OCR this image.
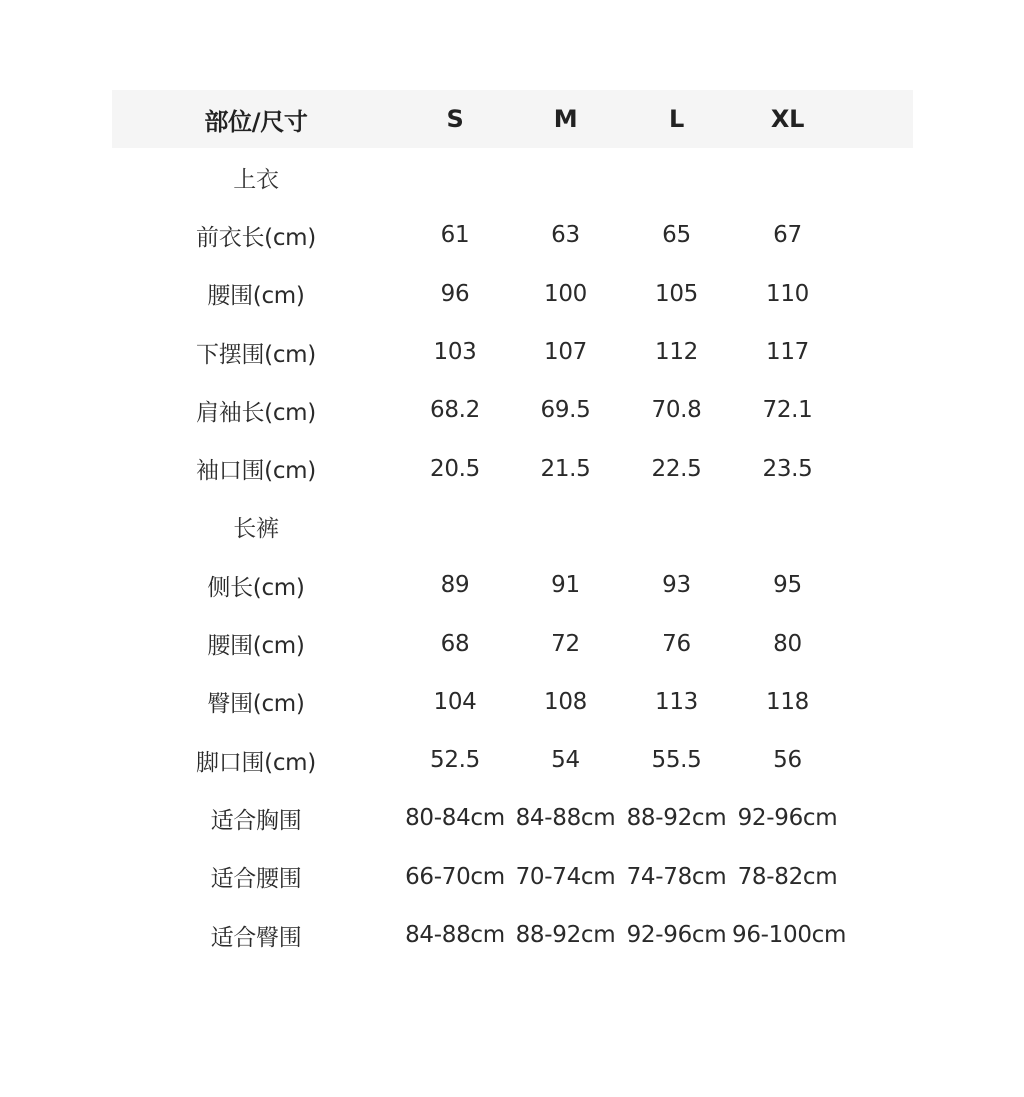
部位/尺寸	S	M	L	XL
上衣
前衣长(cm)	61	63	65	67
腰围(cm)	96	100	105	110
下摆围(cm)	103	107	112	117
肩袖长(cm)	68.2	69.5	70.8	72.1
袖口围(cm)	20.5	21.5	22.5	23.5
长裤
侧长(cm)	89	91	93	95
腰围(cm)	68	72	76	80
臀围(cm)	104	108	113	118
脚口围(cm)	52.5	54	55.5	56
适合胸围	80-84cm 84-88cm 88-92cm 92-96cm
适合腰围	66-70cm 70-74cm 74-78cm 78-82cm
适合臀围	84-88cm 88-92cm 92-96cm 96-100cm
